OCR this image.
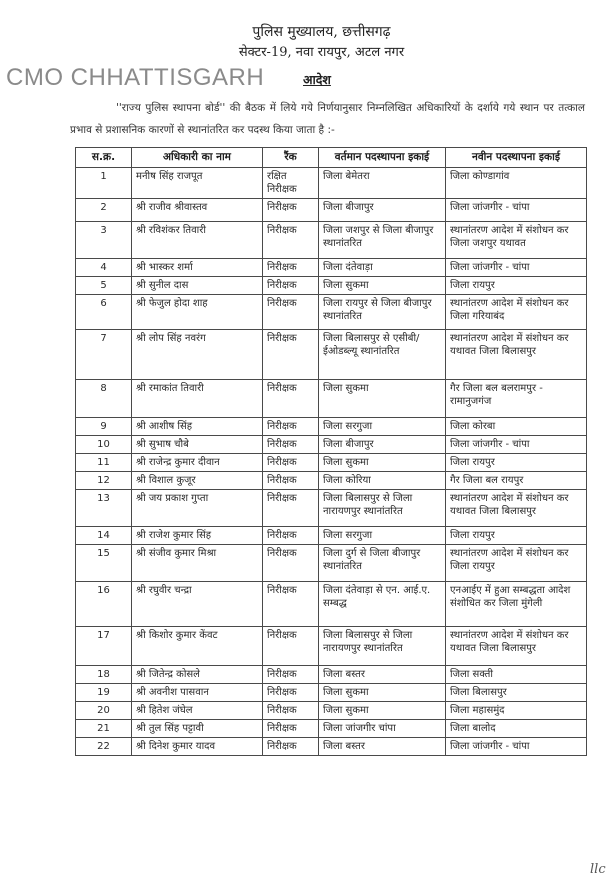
पुलिस मुख्यालय, छत्तीसगढ़
सेक्टर-19, नवा रायपुर, अटल नगर
CMO CHHATTISGARH	आदेश
''राज्य पुलिस स्थापना बोर्ड'' की बैठक में लिये गये निर्णयानुसार निम्नलिखित अधिकारियों के दर्शाये गये स्थान पर तत्काल प्रभाव से प्रशासनिक कारणों से स्थानांतरित कर पदस्थ किया जाता है :-
स.क्र.	अधिकारी का नाम	रैंक	वर्तमान पदस्थापना इकाई	नवीन पदस्थापना इकाई
1	मनीष सिंह राजपूत	रक्षित निरीक्षक	जिला बेमेतरा	जिला कोण्डागांव
2	श्री राजीव श्रीवास्तव	निरीक्षक	जिला बीजापुर	जिला जांजगीर - चांपा
3	श्री रविशंकर तिवारी	निरीक्षक	जिला जशपुर से जिला बीजापुर स्थानांतरित	स्थानांतरण आदेश में संशोधन कर जिला जशपुर यथावत
4	श्री भास्कर शर्मा	निरीक्षक	जिला दंतेवाड़ा	जिला जांजगीर - चांपा
5	श्री सुनील दास	निरीक्षक	जिला सुकमा	जिला रायपुर
6	श्री फेजुल होदा शाह	निरीक्षक	जिला रायपुर से जिला बीजापुर स्थानांतरित	स्थानांतरण आदेश में संशोधन कर जिला गरियाबंद
7	श्री लोप सिंह नवरंग	निरीक्षक	जिला बिलासपुर से एसीबी/ईओडब्ल्यू स्थानांतरित	स्थानांतरण आदेश में संशोधन कर यथावत जिला बिलासपुर
8	श्री रमाकांत तिवारी	निरीक्षक	जिला सुकमा	गैर जिला बल बलरामपुर - रामानुजगंज
9	श्री आशीष सिंह	निरीक्षक	जिला सरगुजा	जिला कोरबा
10	श्री सुभाष चौबे	निरीक्षक	जिला बीजापुर	जिला जांजगीर - चांपा
11	श्री राजेन्द्र कुमार दीवान	निरीक्षक	जिला सुकमा	जिला रायपुर
12	श्री विशाल कुजूर	निरीक्षक	जिला कोरिया	गैर जिला बल रायपुर
13	श्री जय प्रकाश गुप्ता	निरीक्षक	जिला बिलासपुर से जिला नारायणपुर स्थानांतरित	स्थानांतरण आदेश में संशोधन कर यथावत जिला बिलासपुर
14	श्री राजेश कुमार सिंह	निरीक्षक	जिला सरगुजा	जिला रायपुर
15	श्री संजीव कुमार मिश्रा	निरीक्षक	जिला दुर्ग से जिला बीजापुर स्थानांतरित	स्थानांतरण आदेश में संशोधन कर जिला रायपुर
16	श्री रघुवीर चन्द्रा	निरीक्षक	जिला दंतेवाड़ा से एन. आई.ए. सम्बद्ध	एनआईए में हुआ सम्बद्धता आदेश संशोधित कर जिला मुंगेली
17	श्री किशोर कुमार केंवट	निरीक्षक	जिला बिलासपुर से जिला नारायणपुर स्थानांतरित	स्थानांतरण आदेश में संशोधन कर यथावत जिला बिलासपुर
18	श्री जितेन्द्र कोसले	निरीक्षक	जिला बस्तर	जिला सक्ती
19	श्री अवनीश पासवान	निरीक्षक	जिला सुकमा	जिला बिलासपुर
20	श्री हितेश जंघेल	निरीक्षक	जिला सुकमा	जिला महासमुंद
21	श्री तुल सिंह पट्टावी	निरीक्षक	जिला जांजगीर चांपा	जिला बालोद
22	श्री दिनेश कुमार यादव	निरीक्षक	जिला बस्तर	जिला जांजगीर - चांपा
llc
